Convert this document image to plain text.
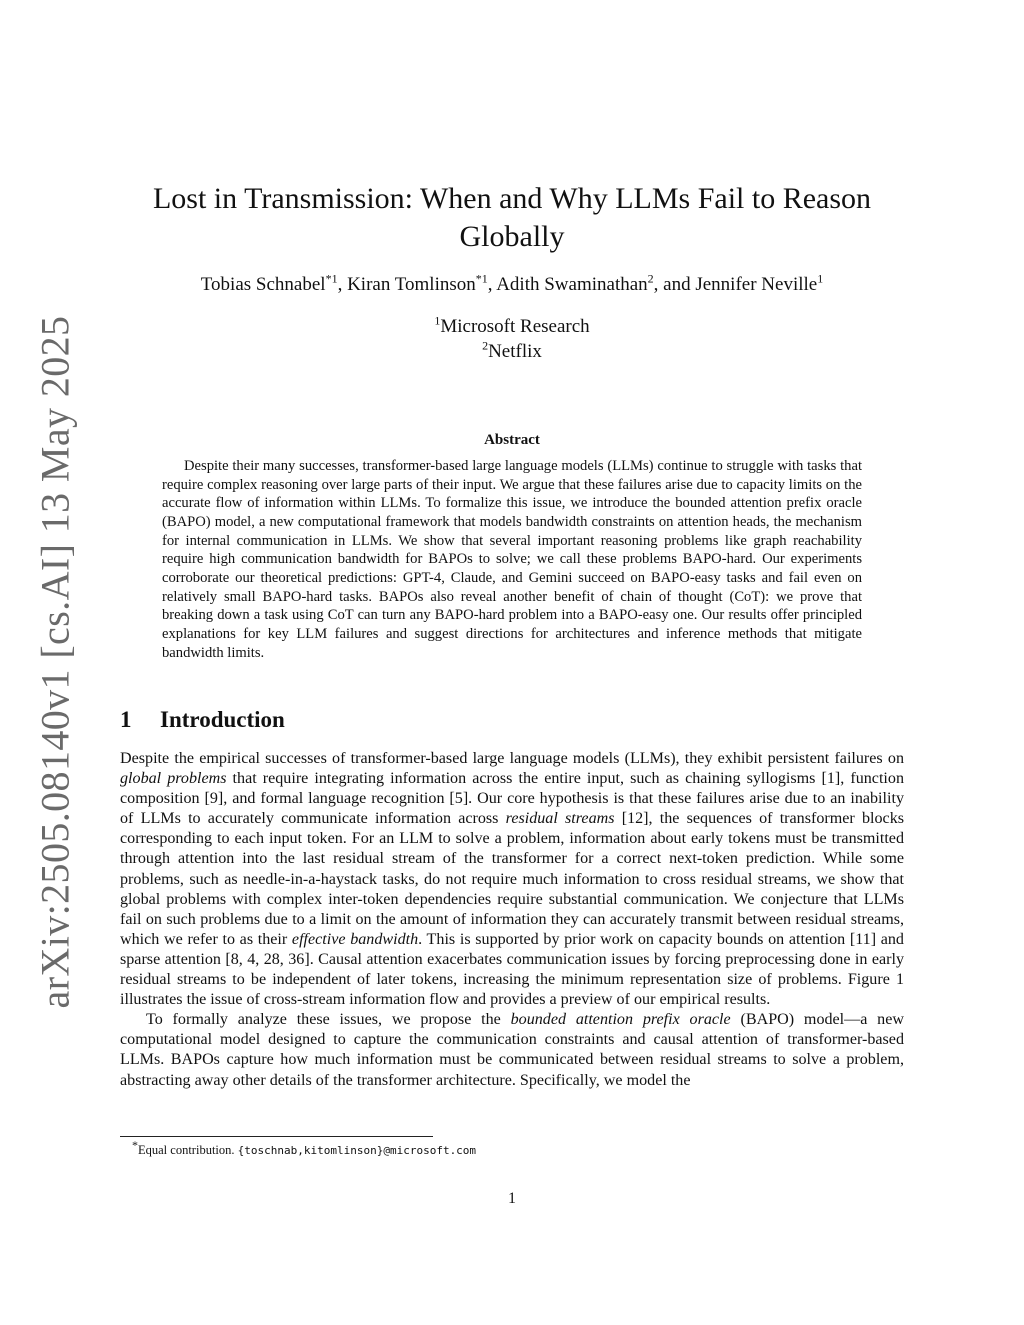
arXiv:2505.08140v1 [cs.AI] 13 May 2025
Lost in Transmission: When and Why LLMs Fail to Reason Globally
Tobias Schnabel$^{*1}$, Kiran Tomlinson$^{*1}$, Adith Swaminathan$^2$, and Jennifer Neville$^1$
$^1$Microsoft Research
$^2$Netflix
Abstract

Despite their many successes, transformer-based large language models (LLMs) continue to struggle with tasks that require complex reasoning over large parts of their input. We argue that these failures arise due to capacity limits on the accurate flow of information within LLMs. To formalize this issue, we introduce the bounded attention prefix oracle (BAPO) model, a new computational framework that models bandwidth constraints on attention heads, the mechanism for internal communication in LLMs. We show that several important reasoning problems like graph reachability require high communication bandwidth for BAPOs to solve; we call these problems BAPO-hard. Our experiments corroborate our theoretical predictions: GPT-4, Claude, and Gemini succeed on BAPO-easy tasks and fail even on relatively small BAPO-hard tasks. BAPOs also reveal another benefit of chain of thought (CoT): we prove that breaking down a task using CoT can turn any BAPO-hard problem into a BAPO-easy one. Our results offer principled explanations for key LLM failures and suggest directions for architectures and inference methods that mitigate bandwidth limits.

1 Introduction

Despite the empirical successes of transformer-based large language models (LLMs), they exhibit persistent failures on global problems that require integrating information across the entire input, such as chaining syllogisms [1], function composition [9], and formal language recognition [5]. Our core hypothesis is that these failures arise due to an inability of LLMs to accurately communicate information across residual streams [12], the sequences of transformer blocks corresponding to each input token. For an LLM to solve a problem, information about early tokens must be transmitted through attention into the last residual stream of the transformer for a correct next-token prediction. While some problems, such as needle-in-a-haystack tasks, do not require much information to cross residual streams, we show that global problems with complex inter-token dependencies require substantial communication. We conjecture that LLMs fail on such problems due to a limit on the amount of information they can accurately transmit between residual streams, which we refer to as their effective bandwidth. This is supported by prior work on capacity bounds on attention [11] and sparse attention [8, 4, 28, 36]. Causal attention exacerbates communication issues by forcing preprocessing done in early residual streams to be independent of later tokens, increasing the minimum representation size of problems. Figure 1 illustrates the issue of cross-stream information flow and provides a preview of our empirical results.

To formally analyze these issues, we propose the bounded attention prefix oracle (BAPO) model—a new computational model designed to capture the communication constraints and causal attention of transformer-based LLMs. BAPOs capture how much information must be communicated between residual streams to solve a problem, abstracting away other details of the transformer architecture. Specifically, we model the

*Equal contribution. {toschnab,kitomlinson}@microsoft.com
1
